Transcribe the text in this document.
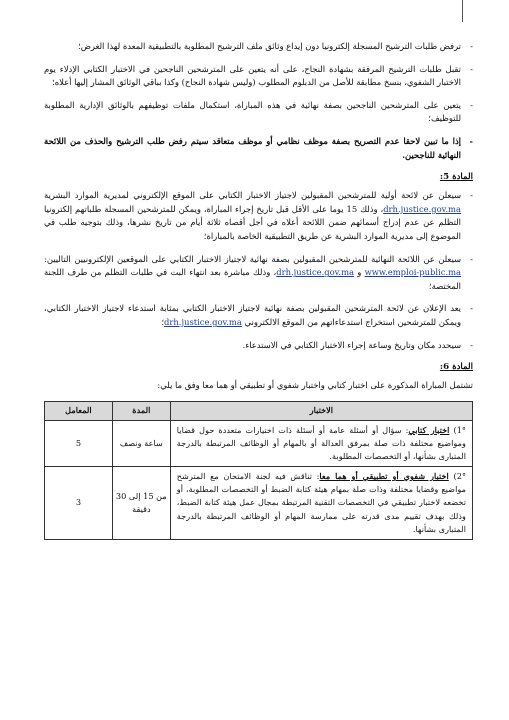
-
ترفض طلبات الترشيح المسجلة إلكترونيا دون إيداع وثائق ملف الترشيح المطلوبة بالتطبيقية المعدة لهذا الغرض؛

-
تقبل طلبات الترشيح المرفقة بشهادة النجاح، على أنه يتعين على المترشحين الناجحين في الاختبار الكتابي الإدلاء يوم الاختبار الشفوي، بنسخ مطابقة للأصل من الدبلوم المطلوب (وليس شهادة النجاح) وكذا بباقي الوثائق المشار إليها أعلاه؛

-
يتعين على المترشحين الناجحين بصفة نهائية في هذه المباراة، استكمال ملفات توظيفهم بالوثائق الإدارية المطلوبة للتوظيف؛

-
إذا ما تبين لاحقا عدم التصريح بصفة موظف نظامي أو موظف متعاقد سيتم رفض طلب الترشيح والحذف من اللائحة النهائية للناجحين.

المادة 5:

-
سيعلن عن لائحة أولية للمترشحين المقبولين لاجتياز الاختبار الكتابي على الموقع الإلكتروني لمديرية الموارد البشرية drh.justice.gov.ma، وذلك 15 يوما على الأقل قبل تاريخ إجراء المباراة، ويمكن للمترشحين المسجلة طلباتهم إلكترونيا التظلم عن عدم إدراج أسمائهم ضمن اللائحة أعلاه في أجل أقصاه ثلاثة أيام من تاريخ نشرها، وذلك بتوجيه طلب في الموضوع إلى مديرية الموارد البشرية عن طريق التطبيقية الخاصة بالمباراة؛

-
سيعلن عن اللائحة النهائية للمترشحين المقبولين بصفة نهائية لاجتياز الاختبار الكتابي على الموقعين الإلكترونيين التاليين: www.emploi-public.ma و drh.justice.gov.ma، وذلك مباشرة بعد انتهاء البت في طلبات التظلم من طرف اللجنة المختصة؛

-
يعد الإعلان عن لائحة المترشحين المقبولين بصفة نهائية لاجتياز الاختبار الكتابي بمثابة استدعاء لاجتياز الاختبار الكتابي، ويمكن للمترشحين استخراج استدعاءاتهم من الموقع الالكتروني drh.justice.gov.ma؛

-
سيحدد مكان وتاريخ وساعة إجراء الاختبار الكتابي في الاستدعاء.

المادة 6:

تشتمل المباراة المذكورة على اختبار كتابي واختبار شفوي أو تطبيقي أو هما معا وفق ما يلي:

الاختبار	المدة	المعامل
1°) اختبار كتابي: سؤال أو أسئلة عامة أو أسئلة ذات اختيارات متعددة حول قضايا ومواضيع مختلفة ذات صلة بمرفق العدالة أو بالمهام أو الوظائف المرتبطة بالدرجة المتبارى بشأنها، أو التخصصات المطلوبة.	ساعة ونصف	5
2°) اختبار شفوي أو تطبيقي أو هما معا: تناقش فيه لجنة الامتحان مع المترشح مواضيع وقضايا مختلفة وذات صلة بمهام هيئة كتابة الضبط أو التخصصات المطلوبة، أو تخضعه لاختبار تطبيقي في التخصصات التقنية المرتبطة بمجال عمل هيئة كتابة الضبط، وذلك بهدف تقييم مدى قدرته على ممارسة المهام أو الوظائف المرتبطة بالدرجة المتبارى بشأنها.	من 15 إلى 30 دقيقة	3
